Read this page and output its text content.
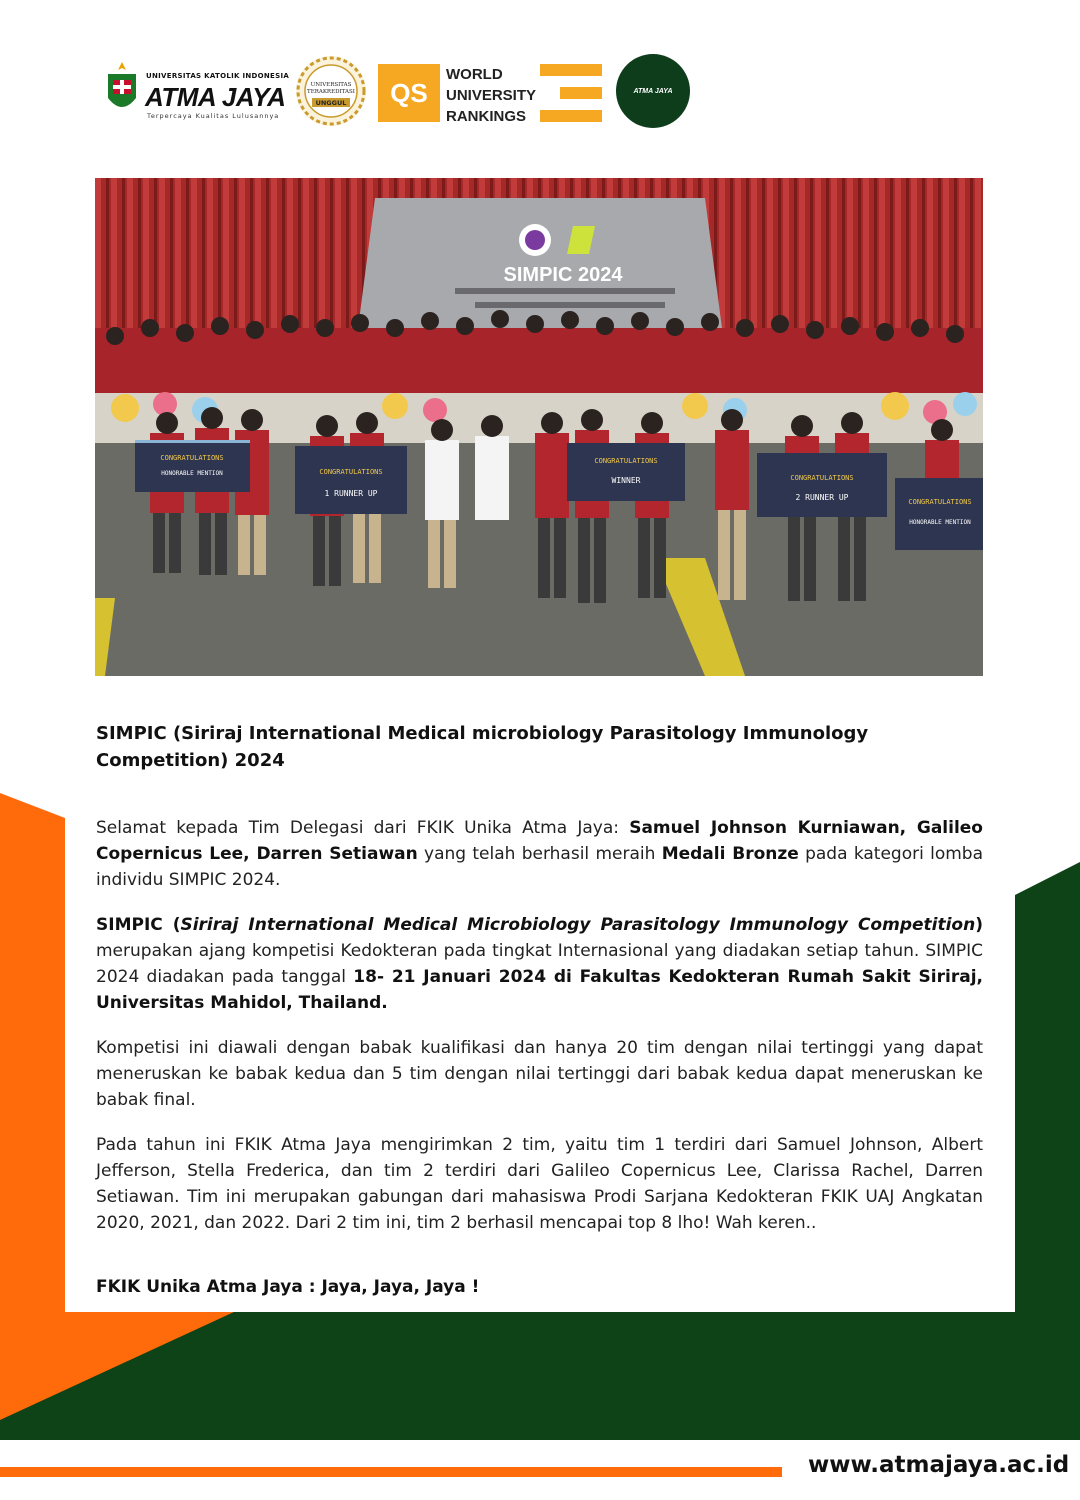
UNIVERSITAS KATOLIK INDONESIA
ATMA JAYA
Terpercaya Kualitas Lulusannya
UNIVERSITAS
TERAKREDITASI
UNGGUL	QS
WORLD
UNIVERSITY
RANKINGS
ATMA JAYA
SIMPIC 2024
CONGRATULATIONS
HONORABLE MENTION	CONGRATULATIONS
1 RUNNER UP
CONGRATULATIONS
WINNER	CONGRATULATIONS
2 RUNNER UP	CONGRATULATIONS
HONORABLE MENTION

SIMPIC (Siriraj International Medical microbiology Parasitology Immunology Competition) 2024

Selamat kepada Tim Delegasi dari FKIK Unika Atma Jaya: Samuel Johnson Kurniawan, Galileo Copernicus Lee, Darren Setiawan yang telah berhasil meraih Medali Bronze pada kategori lomba individu SIMPIC 2024.

SIMPIC (Siriraj International Medical Microbiology Parasitology Immunology Competition) merupakan ajang kompetisi Kedokteran pada tingkat Internasional yang diadakan setiap tahun. SIMPIC 2024 diadakan pada tanggal 18- 21 Januari 2024 di Fakultas Kedokteran Rumah Sakit Siriraj, Universitas Mahidol, Thailand.

Kompetisi ini diawali dengan babak kualifikasi dan hanya 20 tim dengan nilai tertinggi yang dapat meneruskan ke babak kedua dan 5 tim dengan nilai tertinggi dari babak kedua dapat meneruskan ke babak final.

Pada tahun ini FKIK Atma Jaya mengirimkan 2 tim, yaitu tim 1 terdiri dari Samuel Johnson, Albert Jefferson, Stella Frederica, dan tim 2 terdiri dari Galileo Copernicus Lee, Clarissa Rachel, Darren Setiawan. Tim ini merupakan gabungan dari mahasiswa Prodi Sarjana Kedokteran FKIK UAJ Angkatan 2020, 2021, dan 2022. Dari 2 tim ini, tim 2 berhasil mencapai top 8 lho! Wah keren..

FKIK Unika Atma Jaya : Jaya, Jaya, Jaya !

www.atmajaya.ac.id
